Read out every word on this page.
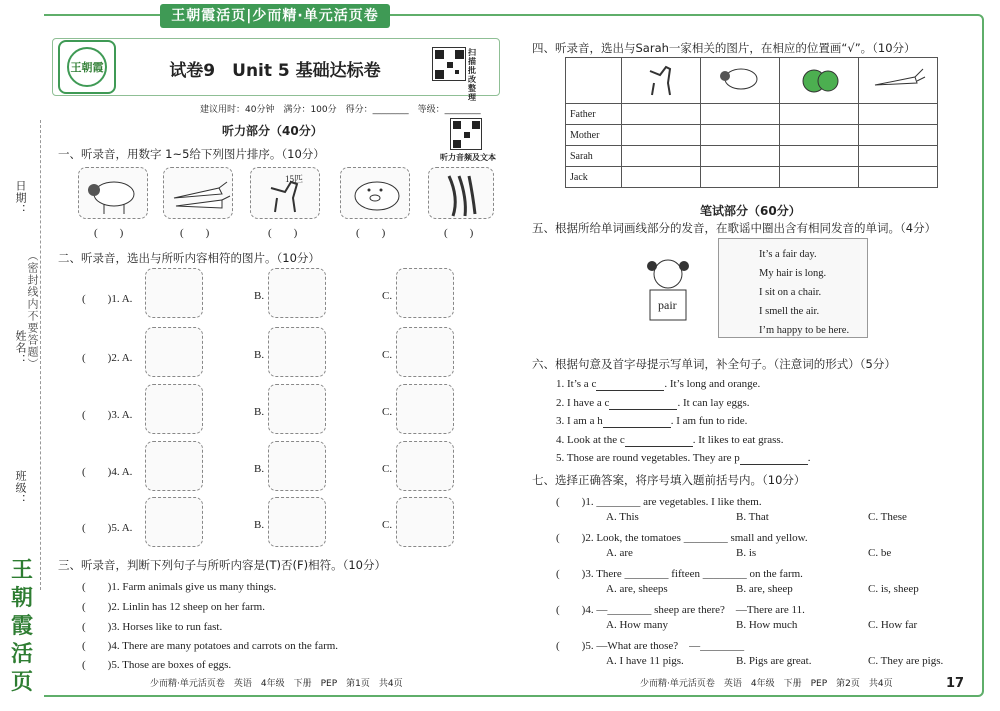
王朝霞活页|少而精·单元活页卷
日期：
（密封线内不要答题）
姓名：
班级：
王朝霞活页
王朝霞	试卷9　Unit 5 基础达标卷
扫描批改整理
建议用时：40分钟　满分：100分　得分：________　等级：________
听力部分（40分）
听力音频及文本
一、听录音，用数字 1~5给下列图片排序。（10分）
15匹
(　　)	(　　)	(　　)	(　　)	(　　)
二、听录音，选出与所听内容相符的图片。（10分）
(　　)1. A.	B.	C.
(　　)2. A.	B.	C.
(　　)3. A.	B.	C.
(　　)4. A.	B.	C.
(　　)5. A.	B.	C.
三、听录音，判断下列句子与所听内容是(T)否(F)相符。（10分）
(　　)1. Farm animals give us many things.
(　　)2. Linlin has 12 sheep on her farm.
(　　)3. Horses like to run fast.
(　　)4. There are many potatoes and carrots on the farm.
(　　)5. Those are boxes of eggs.
少而精·单元活页卷　英语　4年级　下册　PEP　第1页　共4页
四、听录音，选出与Sarah一家相关的图片，在相应的位置画“√”。（10分）

Father				
Mother				
Sarah				
Jack				
笔试部分（60分）
五、根据所给单词画线部分的发音，在歌谣中圈出含有相同发音的单词。（4分）
pair
It’s a fair day.
My hair is long.
I sit on a chair.
I smell the air.
I’m happy to be here.
六、根据句意及首字母提示写单词，补全句子。（注意词的形式）（5分）
1. It’s a c	. It’s long and orange.
2. I have a c	. It can lay eggs.
3. I am a h	. I am fun to ride.
4. Look at the c	. It likes to eat grass.
5. Those are round vegetables. They are p	.
七、选择正确答案，将序号填入题前括号内。（10分）
(　　)1. ________ are vegetables. I like them.
A. This	B. That	C. These
(　　)2. Look, the tomatoes ________ small and yellow.
A. are	B. is	C. be
(　　)3. There ________ fifteen ________ on the farm.
A. are, sheeps	B. are, sheep	C. is, sheep
(　　)4. —________ sheep are there?　—There are 11.
A. How many	B. How much	C. How far
(　　)5. —What are those?　—________
A. I have 11 pigs.	B. Pigs are great.	C. They are pigs.
少而精·单元活页卷　英语　4年级　下册　PEP　第2页　共4页	17
